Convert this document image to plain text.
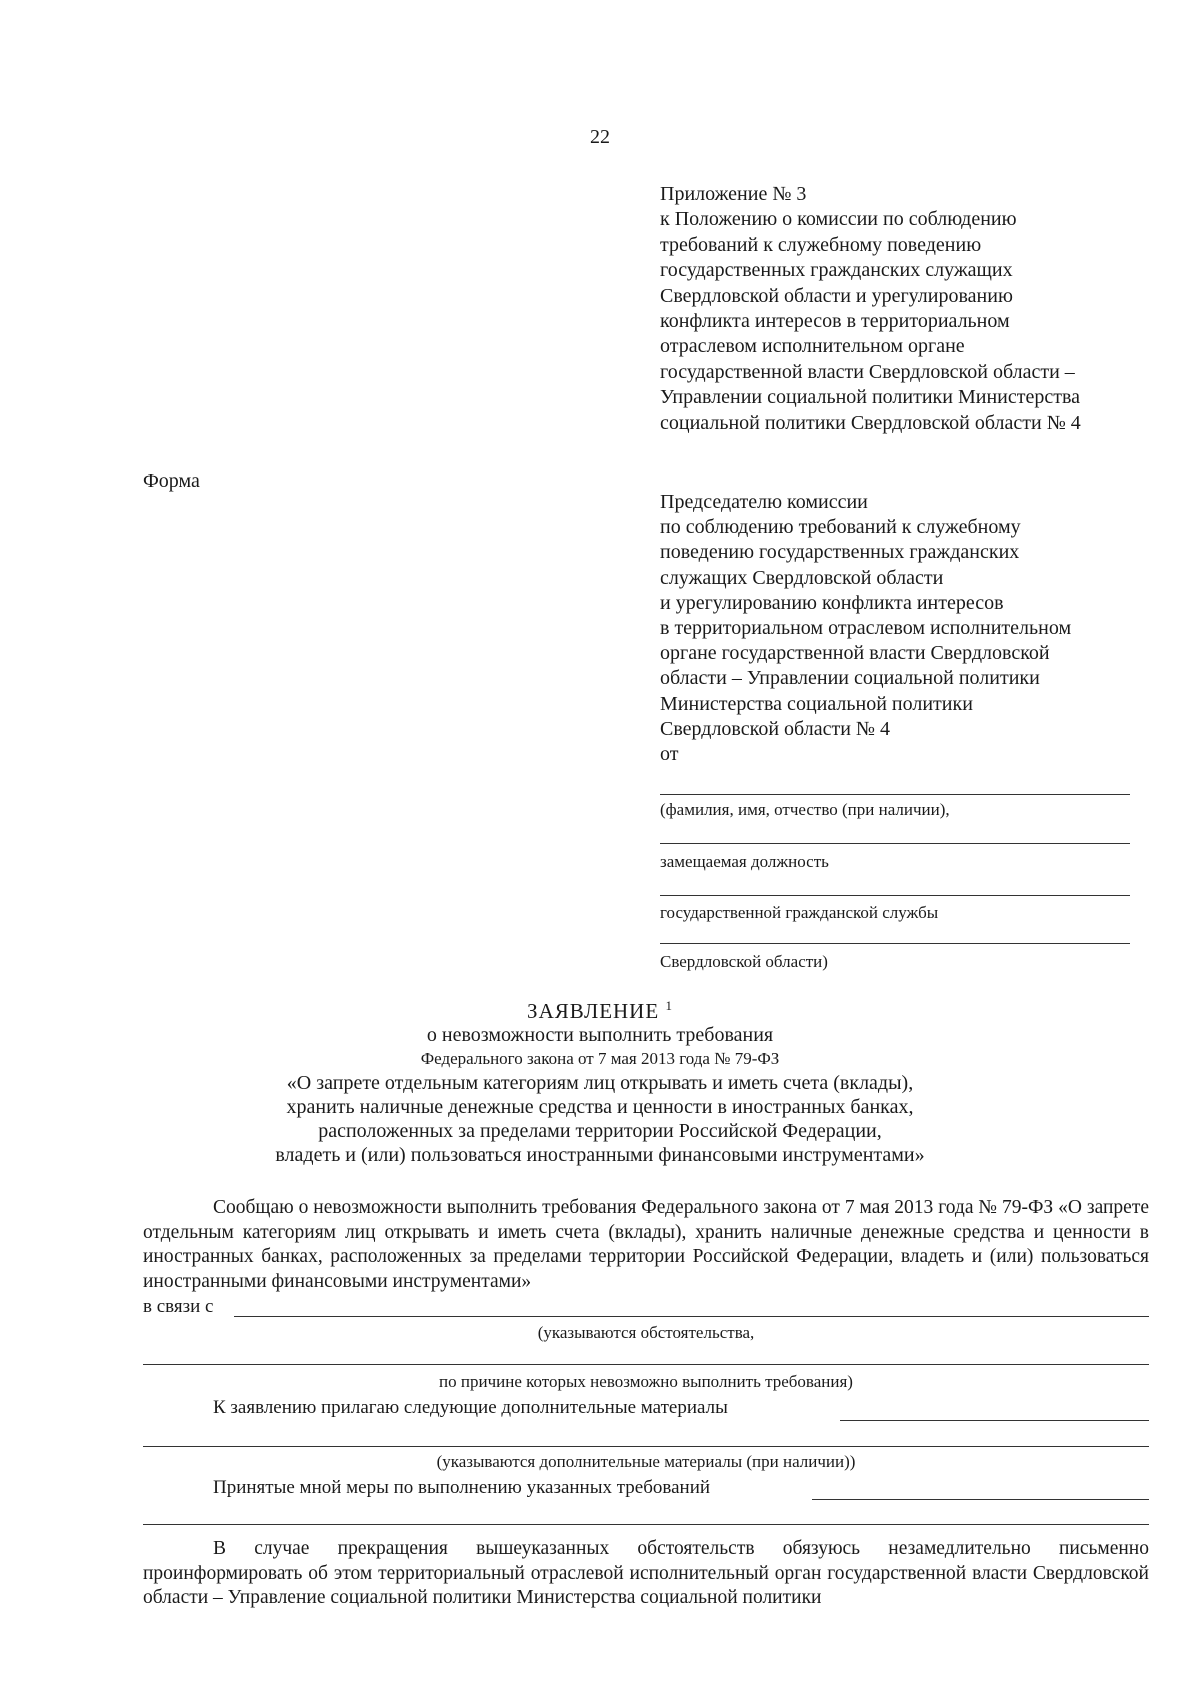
22
Приложение № 3
к Положению о комиссии по соблюдению
требований к служебному поведению
государственных гражданских служащих
Свердловской области и урегулированию
конфликта интересов в территориальном
отраслевом исполнительном органе
государственной власти Свердловской области –
Управлении социальной политики Министерства
социальной политики Свердловской области № 4
Форма
Председателю комиссии
по соблюдению требований к служебному
поведению государственных гражданских
служащих Свердловской области
и урегулированию конфликта интересов
в территориальном отраслевом исполнительном
органе государственной власти Свердловской
области – Управлении социальной политики
Министерства социальной политики
Свердловской области № 4
от
(фамилия, имя, отчество (при наличии),
замещаемая должность
государственной гражданской службы
Свердловской области)
ЗАЯВЛЕНИЕ $^1$
о невозможности выполнить требования
Федерального закона от 7 мая 2013 года № 79-ФЗ
«О запрете отдельным категориям лиц открывать и иметь счета (вклады),
хранить наличные денежные средства и ценности в иностранных банках,
расположенных за пределами территории Российской Федерации,
владеть и (или) пользоваться иностранными финансовыми инструментами»
Сообщаю о невозможности выполнить требования Федерального закона от 7 мая 2013 года № 79-ФЗ «О запрете отдельным категориям лиц открывать и иметь счета (вклады), хранить наличные денежные средства и ценности в иностранных банках, расположенных за пределами территории Российской Федерации, владеть и (или) пользоваться иностранными финансовыми инструментами»
в связи с
(указываются обстоятельства,
по причине которых невозможно выполнить требования)
К заявлению прилагаю следующие дополнительные материалы
(указываются дополнительные материалы (при наличии))
Принятые мной меры по выполнению указанных требований
В случае прекращения вышеуказанных обстоятельств обязуюсь незамедлительно письменно проинформировать об этом территориальный отраслевой исполнительный орган государственной власти Свердловской области – Управление социальной политики Министерства социальной политики
